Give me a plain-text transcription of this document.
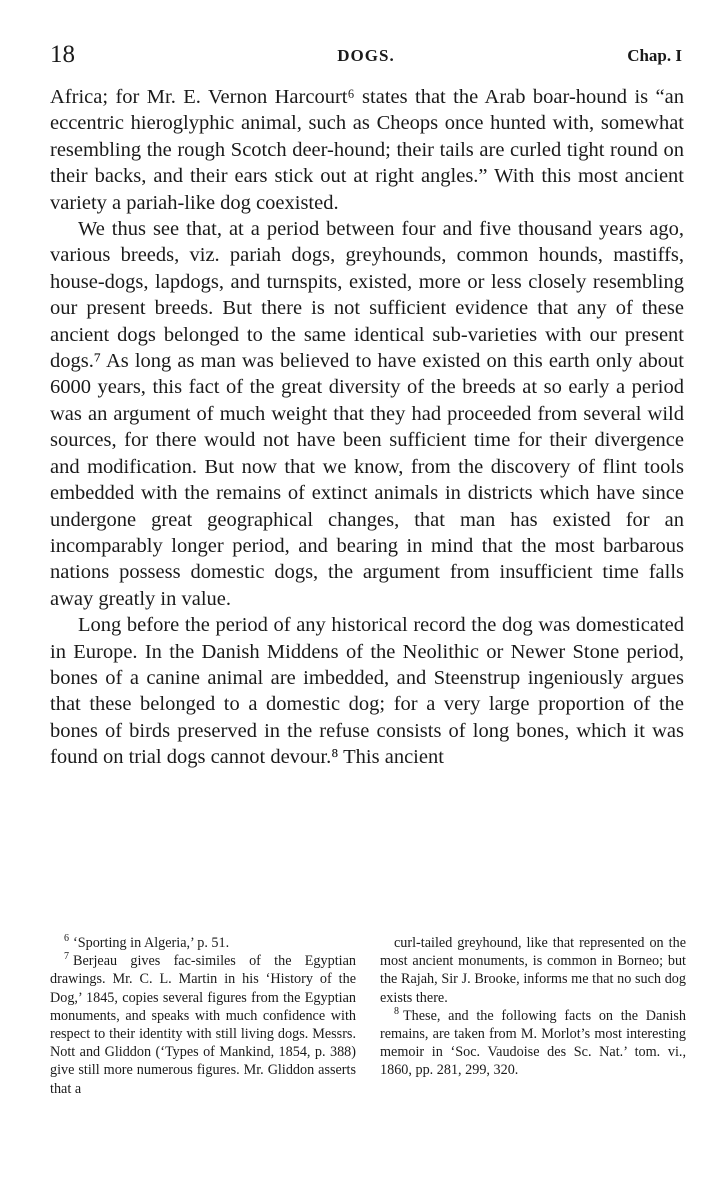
18	DOGS.	Chap. I

Africa; for Mr. E. Vernon Harcourt⁶ states that the Arab boar-hound is “an eccentric hieroglyphic animal, such as Cheops once hunted with, somewhat resembling the rough Scotch deer-hound; their tails are curled tight round on their backs, and their ears stick out at right angles.” With this most ancient variety a pariah-like dog coexisted.

We thus see that, at a period between four and five thousand years ago, various breeds, viz. pariah dogs, greyhounds, common hounds, mastiffs, house-dogs, lapdogs, and turnspits, existed, more or less closely resembling our present breeds. But there is not sufficient evidence that any of these ancient dogs belonged to the same identical sub-varieties with our present dogs.⁷ As long as man was believed to have existed on this earth only about 6000 years, this fact of the great diversity of the breeds at so early a period was an argument of much weight that they had proceeded from several wild sources, for there would not have been sufficient time for their divergence and modification. But now that we know, from the discovery of flint tools embedded with the remains of extinct animals in districts which have since undergone great geographical changes, that man has existed for an incomparably longer period, and bearing in mind that the most barbarous nations possess domestic dogs, the argument from insufficient time falls away greatly in value.

Long before the period of any historical record the dog was domesticated in Europe. In the Danish Middens of the Neolithic or Newer Stone period, bones of a canine animal are imbedded, and Steenstrup ingeniously argues that these belonged to a domestic dog; for a very large proportion of the bones of birds preserved in the refuse consists of long bones, which it was found on trial dogs cannot devour.⁸ This ancient

$^6$ ‘Sporting in Algeria,’ p. 51.

$^7$ Berjeau gives fac-similes of the Egyptian drawings. Mr. C. L. Martin in his ‘History of the Dog,’ 1845, copies several figures from the Egyptian monuments, and speaks with much confidence with respect to their identity with still living dogs. Messrs. Nott and Gliddon (‘Types of Mankind, 1854, p. 388) give still more numerous figures. Mr. Gliddon asserts that a

curl-tailed greyhound, like that represented on the most ancient monuments, is common in Borneo; but the Rajah, Sir J. Brooke, informs me that no such dog exists there.

$^8$ These, and the following facts on the Danish remains, are taken from M. Morlot’s most interesting memoir in ‘Soc. Vaudoise des Sc. Nat.’ tom. vi., 1860, pp. 281, 299, 320.
